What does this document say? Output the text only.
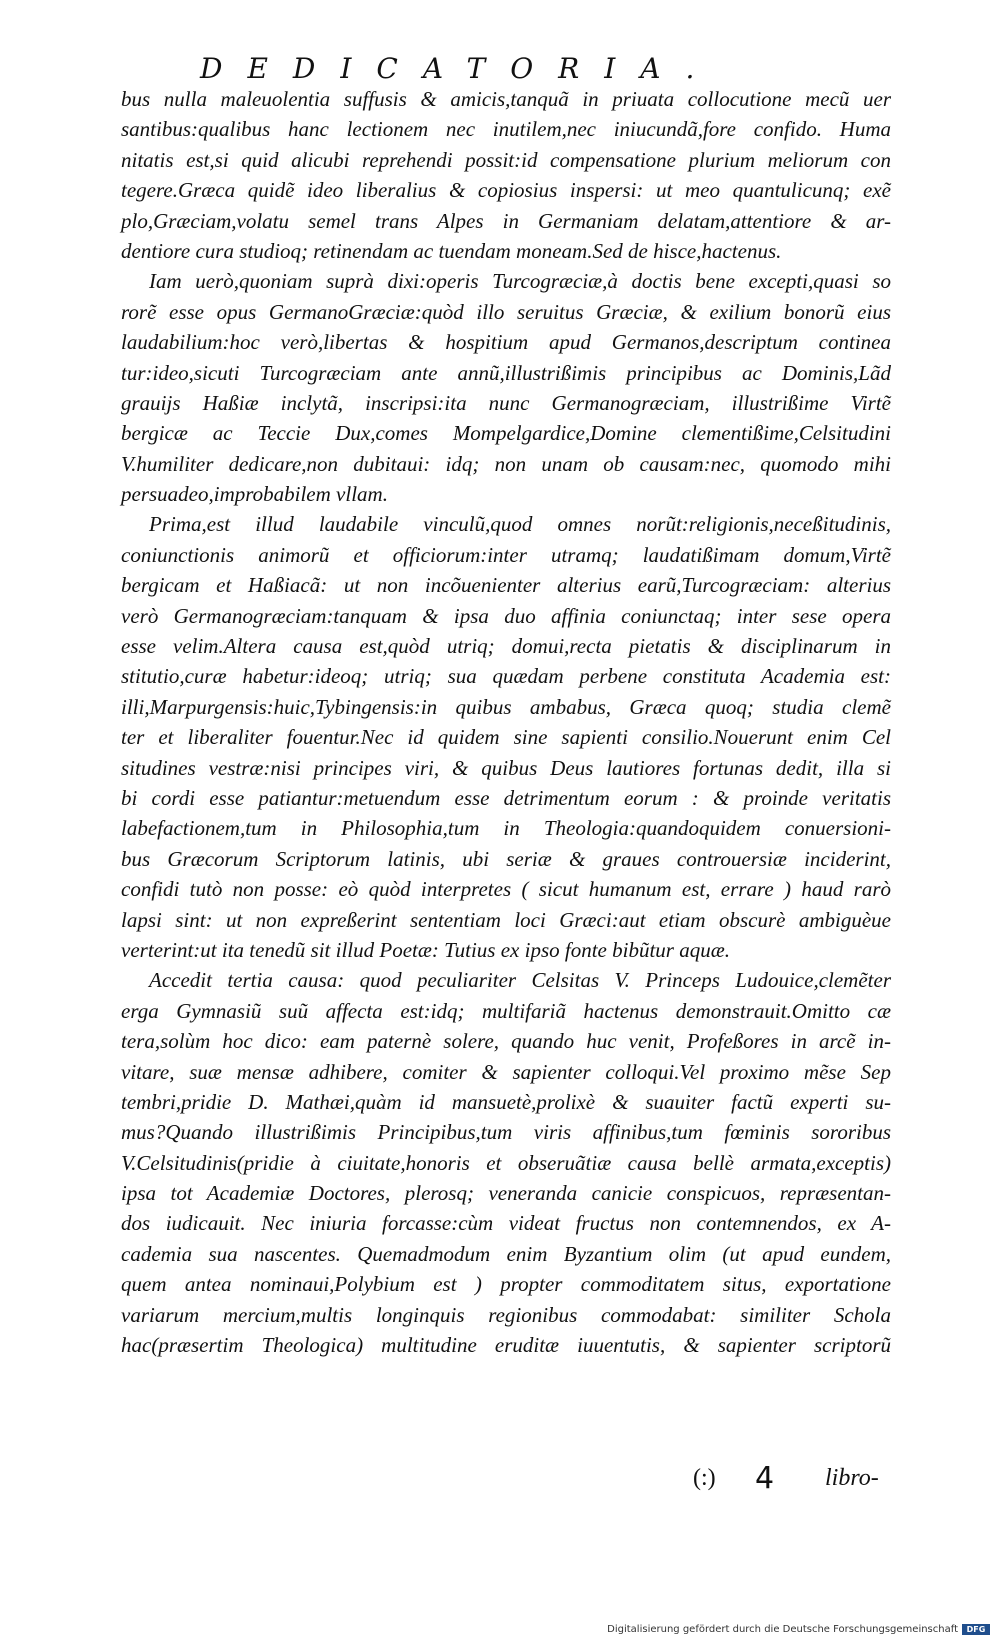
DEDICATORIA.
bus nulla maleuolentia suffusis & amicis,tanquã in priuata collocutione mecũ uer
santibus:qualibus hanc lectionem nec inutilem,nec iniucundã,fore confido. Huma
nitatis est,si quid alicubi reprehendi possit:id compensatione plurium meliorum con
tegere.Græca quidẽ ideo liberalius & copiosius inspersi: ut meo quantulicunq; exẽ
plo,Græciam,volatu semel trans Alpes in Germaniam delatam,attentiore & ar-
dentiore cura studioq; retinendam ac tuendam moneam.Sed de hisce,hactenus.
Iam uerò,quoniam suprà dixi:operis Turcogræciæ,à doctis bene excepti,quasi so
rorẽ esse opus GermanoGræciæ:quòd illo seruitus Græciæ, & exilium bonorũ eius
laudabilium:hoc verò,libertas & hospitium apud Germanos,descriptum continea
tur:ideo,sicuti Turcogræciam ante annũ,illustrißimis principibus ac Dominis,Lãd
grauijs Haßiæ inclytã, inscripsi:ita nunc Germanogræciam, illustrißime Virtẽ
bergicæ ac Teccie Dux,comes Mompelgardice,Domine clementißime,Celsitudini
V.humiliter dedicare,non dubitaui: idq; non unam ob causam:nec, quomodo mihi
persuadeo,improbabilem vllam.
Prima,est illud laudabile vinculũ,quod omnes norũt:religionis,neceßitudinis,
coniunctionis animorũ et officiorum:inter utramq; laudatißimam domum,Virtẽ
bergicam et Haßiacã: ut non incõuenienter alterius earũ,Turcogræciam: alterius
verò Germanogræciam:tanquam & ipsa duo affinia coniunctaq; inter sese opera
esse velim.Altera causa est,quòd utriq; domui,recta pietatis & disciplinarum in
stitutio,curæ habetur:ideoq; utriq; sua quædam perbene constituta Academia est:
illi,Marpurgensis:huic,Tybingensis:in quibus ambabus, Græca quoq; studia clemẽ
ter et liberaliter fouentur.Nec id quidem sine sapienti consilio.Nouerunt enim Cel
situdines vestræ:nisi principes viri, & quibus Deus lautiores fortunas dedit, illa si
bi cordi esse patiantur:metuendum esse detrimentum eorum : & proinde veritatis
labefactionem,tum in Philosophia,tum in Theologia:quandoquidem conuersioni-
bus Græcorum Scriptorum latinis, ubi seriæ & graues controuersiæ inciderint,
confidi tutò non posse: eò quòd interpretes ( sicut humanum est, errare ) haud rarò
lapsi sint: ut non expreßerint sententiam loci Græci:aut etiam obscurè ambiguèue
verterint:ut ita tenedũ sit illud Poetæ: Tutius ex ipso fonte bibũtur aquæ.
Accedit tertia causa: quod peculiariter Celsitas V. Princeps Ludouice,clemẽter
erga Gymnasiũ suũ affecta est:idq; multifariã hactenus demonstrauit.Omitto cæ
tera,solùm hoc dico: eam paternè solere, quando huc venit, Profeßores in arcẽ in-
vitare, suæ mensæ adhibere, comiter & sapienter colloqui.Vel proximo mẽse Sep
tembri,pridie D. Mathæi,quàm id mansuetè,prolixè & suauiter factũ experti su-
mus?Quando illustrißimis Principibus,tum viris affinibus,tum fœminis sororibus
V.Celsitudinis(pridie à ciuitate,honoris et obseruãtiæ causa bellè armata,exceptis)
ipsa tot Academiæ Doctores, plerosq; veneranda canicie conspicuos, repræsentan-
dos iudicauit. Nec iniuria forcasse:cùm videat fructus non contemnendos, ex A-
cademia sua nascentes. Quemadmodum enim Byzantium olim (ut apud eundem,
quem antea nominaui,Polybium est ) propter commoditatem situs, exportatione
variarum mercium,multis longinquis regionibus commodabat: similiter Schola
hac(præsertim Theologica) multitudine eruditæ iuuentutis, & sapienter scriptorũ
(:) 4 libro-
Digitalisierung gefördert durch die Deutsche Forschungsgemeinschaft	DFG
